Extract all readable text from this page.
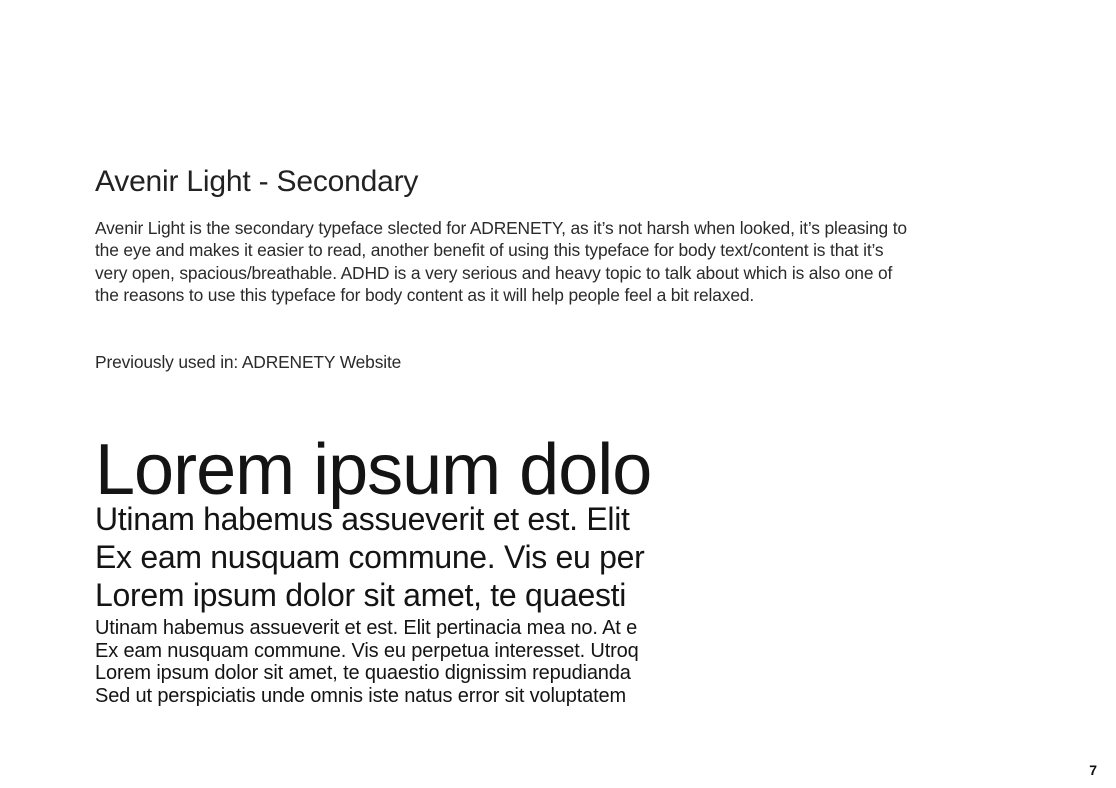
Avenir Light - Secondary

Avenir Light is the secondary typeface slected for ADRENETY, as it’s not harsh when looked, it’s pleasing to the eye and makes it easier to read, another benefit of using this typeface for body text/content is that it’s very open, spacious/breathable. ADHD is a very serious and heavy topic to talk about which is also one of the reasons to use this typeface for body content as it will help people feel a bit relaxed.

Previously used in: ADRENETY Website

Lorem ipsum dolo
Utinam habemus assueverit et est. Elit
Ex eam nusquam commune. Vis eu per
Lorem ipsum dolor sit amet, te quaesti
Utinam habemus assueverit et est. Elit pertinacia mea no. At e
Ex eam nusquam commune. Vis eu perpetua interesset. Utroq
Lorem ipsum dolor sit amet, te quaestio dignissim repudianda
Sed ut perspiciatis unde omnis iste natus error sit voluptatem
7
